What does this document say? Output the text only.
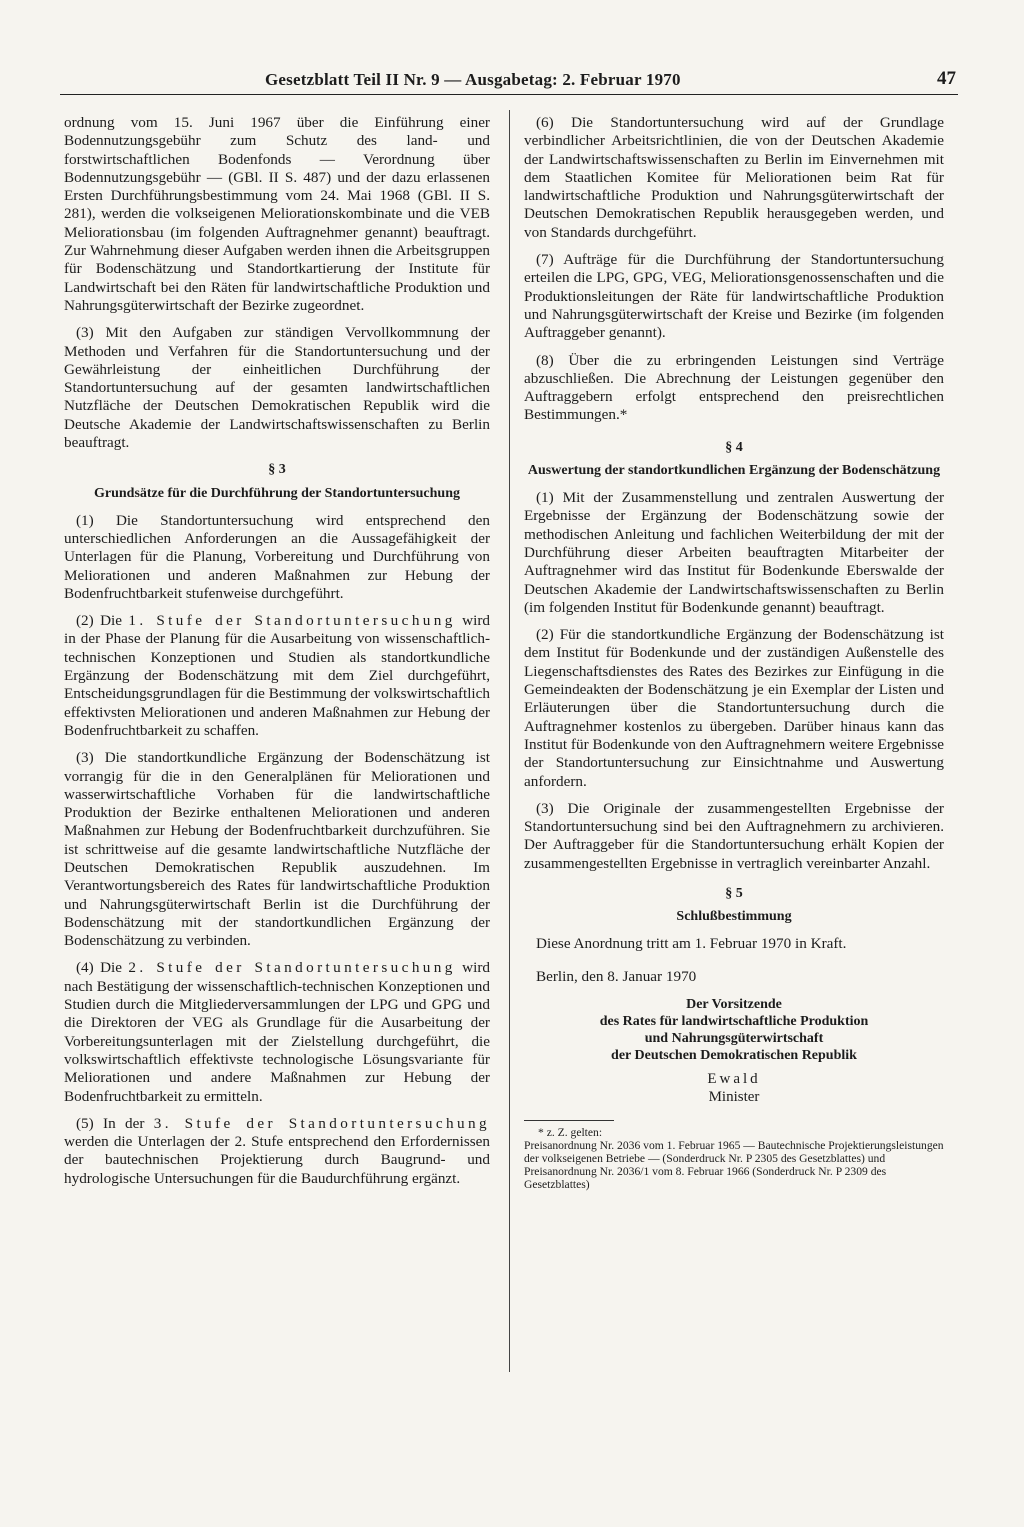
Gesetzblatt Teil II Nr. 9 — Ausgabetag: 2. Februar 1970	47

ordnung vom 15. Juni 1967 über die Einführung einer Bodennutzungsgebühr zum Schutz des land- und forstwirtschaftlichen Bodenfonds — Verordnung über Bodennutzungsgebühr — (GBl. II S. 487) und der dazu erlassenen Ersten Durchführungsbestimmung vom 24. Mai 1968 (GBl. II S. 281), werden die volkseigenen Meliorationskombinate und die VEB Meliorationsbau (im folgenden Auftragnehmer genannt) beauftragt. Zur Wahrnehmung dieser Aufgaben werden ihnen die Arbeitsgruppen für Bodenschätzung und Standortkartierung der Institute für Landwirtschaft bei den Räten für landwirtschaftliche Produktion und Nahrungsgüterwirtschaft der Bezirke zugeordnet.

(3) Mit den Aufgaben zur ständigen Vervollkommnung der Methoden und Verfahren für die Standortuntersuchung und der Gewährleistung der einheitlichen Durchführung der Standortuntersuchung auf der gesamten landwirtschaftlichen Nutzfläche der Deutschen Demokratischen Republik wird die Deutsche Akademie der Landwirtschaftswissenschaften zu Berlin beauftragt.

§ 3
Grundsätze für die Durchführung der Standortuntersuchung

(1) Die Standortuntersuchung wird entsprechend den unterschiedlichen Anforderungen an die Aussagefähigkeit der Unterlagen für die Planung, Vorbereitung und Durchführung von Meliorationen und anderen Maßnahmen zur Hebung der Bodenfruchtbarkeit stufenweise durchgeführt.

(2) Die 1. Stufe der Standortuntersuchung wird in der Phase der Planung für die Ausarbeitung von wissenschaftlich-technischen Konzeptionen und Studien als standortkundliche Ergänzung der Bodenschätzung mit dem Ziel durchgeführt, Entscheidungsgrundlagen für die Bestimmung der volkswirtschaftlich effektivsten Meliorationen und anderen Maßnahmen zur Hebung der Bodenfruchtbarkeit zu schaffen.

(3) Die standortkundliche Ergänzung der Bodenschätzung ist vorrangig für die in den Generalplänen für Meliorationen und wasserwirtschaftliche Vorhaben für die landwirtschaftliche Produktion der Bezirke enthaltenen Meliorationen und anderen Maßnahmen zur Hebung der Bodenfruchtbarkeit durchzuführen. Sie ist schrittweise auf die gesamte landwirtschaftliche Nutzfläche der Deutschen Demokratischen Republik auszudehnen. Im Verantwortungsbereich des Rates für landwirtschaftliche Produktion und Nahrungsgüterwirtschaft Berlin ist die Durchführung der Bodenschätzung mit der standortkundlichen Ergänzung der Bodenschätzung zu verbinden.

(4) Die 2. Stufe der Standortuntersuchung wird nach Bestätigung der wissenschaftlich-technischen Konzeptionen und Studien durch die Mitgliederversammlungen der LPG und GPG und die Direktoren der VEG als Grundlage für die Ausarbeitung der Vorbereitungsunterlagen mit der Zielstellung durchgeführt, die volkswirtschaftlich effektivste technologische Lösungsvariante für Meliorationen und andere Maßnahmen zur Hebung der Bodenfruchtbarkeit zu ermitteln.

(5) In der 3. Stufe der Standortuntersuchung werden die Unterlagen der 2. Stufe entsprechend den Erfordernissen der bautechnischen Projektierung durch Baugrund- und hydrologische Untersuchungen für die Baudurchführung ergänzt.

(6) Die Standortuntersuchung wird auf der Grundlage verbindlicher Arbeitsrichtlinien, die von der Deutschen Akademie der Landwirtschaftswissenschaften zu Berlin im Einvernehmen mit dem Staatlichen Komitee für Meliorationen beim Rat für landwirtschaftliche Produktion und Nahrungsgüterwirtschaft der Deutschen Demokratischen Republik herausgegeben werden, und von Standards durchgeführt.

(7) Aufträge für die Durchführung der Standortuntersuchung erteilen die LPG, GPG, VEG, Meliorationsgenossenschaften und die Produktionsleitungen der Räte für landwirtschaftliche Produktion und Nahrungsgüterwirtschaft der Kreise und Bezirke (im folgenden Auftraggeber genannt).

(8) Über die zu erbringenden Leistungen sind Verträge abzuschließen. Die Abrechnung der Leistungen gegenüber den Auftraggebern erfolgt entsprechend den preisrechtlichen Bestimmungen.*

§ 4
Auswertung der standortkundlichen Ergänzung der Bodenschätzung

(1) Mit der Zusammenstellung und zentralen Auswertung der Ergebnisse der Ergänzung der Bodenschätzung sowie der methodischen Anleitung und fachlichen Weiterbildung der mit der Durchführung dieser Arbeiten beauftragten Mitarbeiter der Auftragnehmer wird das Institut für Bodenkunde Eberswalde der Deutschen Akademie der Landwirtschaftswissenschaften zu Berlin (im folgenden Institut für Bodenkunde genannt) beauftragt.

(2) Für die standortkundliche Ergänzung der Bodenschätzung ist dem Institut für Bodenkunde und der zuständigen Außenstelle des Liegenschaftsdienstes des Rates des Bezirkes zur Einfügung in die Gemeindeakten der Bodenschätzung je ein Exemplar der Listen und Erläuterungen über die Standortuntersuchung durch die Auftragnehmer kostenlos zu übergeben. Darüber hinaus kann das Institut für Bodenkunde von den Auftragnehmern weitere Ergebnisse der Standortuntersuchung zur Einsichtnahme und Auswertung anfordern.

(3) Die Originale der zusammengestellten Ergebnisse der Standortuntersuchung sind bei den Auftragnehmern zu archivieren. Der Auftraggeber für die Standortuntersuchung erhält Kopien der zusammengestellten Ergebnisse in vertraglich vereinbarter Anzahl.

§ 5
Schlußbestimmung

Diese Anordnung tritt am 1. Februar 1970 in Kraft.

Berlin, den 8. Januar 1970

Der Vorsitzende
des Rates für landwirtschaftliche Produktion
und Nahrungsgüterwirtschaft
der Deutschen Demokratischen Republik
Ewald
Minister

* z. Z. gelten:

Preisanordnung Nr. 2036 vom 1. Februar 1965 — Bautechnische Projektierungsleistungen der volkseigenen Betriebe — (Sonderdruck Nr. P 2305 des Gesetzblattes) und

Preisanordnung Nr. 2036/1 vom 8. Februar 1966 (Sonderdruck Nr. P 2309 des Gesetzblattes)
